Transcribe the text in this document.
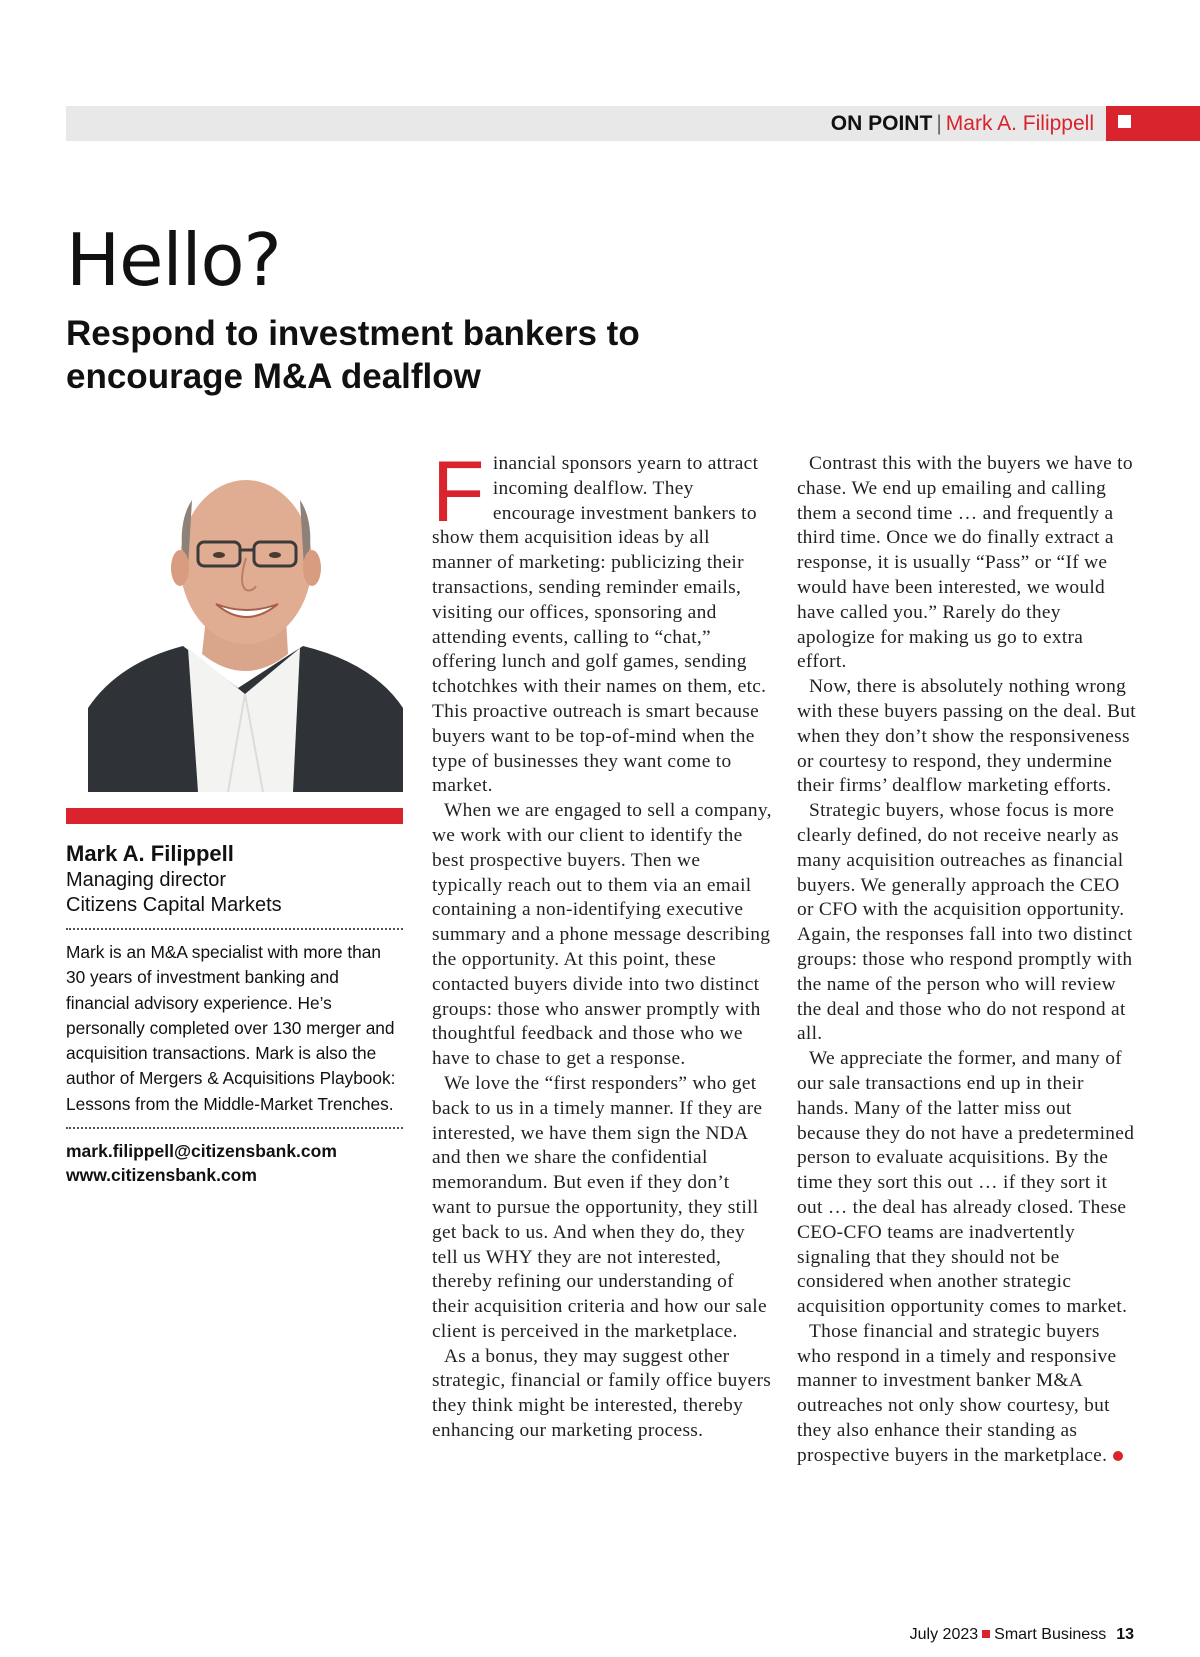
ON POINT | Mark A. Filippell
Hello?
Respond to investment bankers to encourage M&A dealflow
Mark A. Filippell
Managing director
Citizens Capital Markets

Mark is an M&A specialist with more than 30 years of investment banking and financial advisory experience. He’s personally completed over 130 merger and acquisition transactions. Mark is also the author of Mergers & Acquisitions Playbook: Lessons from the Middle-Market Trenches.

mark.filippell@citizensbank.com
www.citizensbank.com

Financial sponsors yearn to attract incoming dealflow. They encourage investment bankers to show them acquisition ideas by all manner of marketing: publicizing their transactions, sending reminder emails, visiting our offices, sponsoring and attending events, calling to “chat,” offering lunch and golf games, sending tchotchkes with their names on them, etc. This proactive outreach is smart because buyers want to be top-of-mind when the type of businesses they want come to market.

When we are engaged to sell a company, we work with our client to identify the best prospective buyers. Then we typically reach out to them via an email containing a non-identifying executive summary and a phone message describing the opportunity. At this point, these contacted buyers divide into two distinct groups: those who answer promptly with thoughtful feedback and those who we have to chase to get a response.

We love the “first responders” who get back to us in a timely manner. If they are interested, we have them sign the NDA and then we share the confidential memorandum. But even if they don’t want to pursue the opportunity, they still get back to us. And when they do, they tell us WHY they are not interested, thereby refining our understanding of their acquisition criteria and how our sale client is perceived in the marketplace.

As a bonus, they may suggest other strategic, financial or family office buyers they think might be interested, thereby enhancing our marketing process.

Contrast this with the buyers we have to chase. We end up emailing and calling them a second time … and frequently a third time. Once we do finally extract a response, it is usually “Pass” or “If we would have been interested, we would have called you.” Rarely do they apologize for making us go to extra effort.

Now, there is absolutely nothing wrong with these buyers passing on the deal. But when they don’t show the responsiveness or courtesy to respond, they undermine their firms’ dealflow marketing efforts.

Strategic buyers, whose focus is more clearly defined, do not receive nearly as many acquisition outreaches as financial buyers. We generally approach the CEO or CFO with the acquisition opportunity. Again, the responses fall into two distinct groups: those who respond promptly with the name of the person who will review the deal and those who do not respond at all.

We appreciate the former, and many of our sale transactions end up in their hands. Many of the latter miss out because they do not have a predetermined person to evaluate acquisitions. By the time they sort this out … if they sort it out … the deal has already closed. These CEO-CFO teams are inadvertently signaling that they should not be considered when another strategic acquisition opportunity comes to market.

Those financial and strategic buyers who respond in a timely and responsive manner to investment banker M&A outreaches not only show courtesy, but they also enhance their standing as prospective buyers in the marketplace.

July 2023 Smart Business 13
